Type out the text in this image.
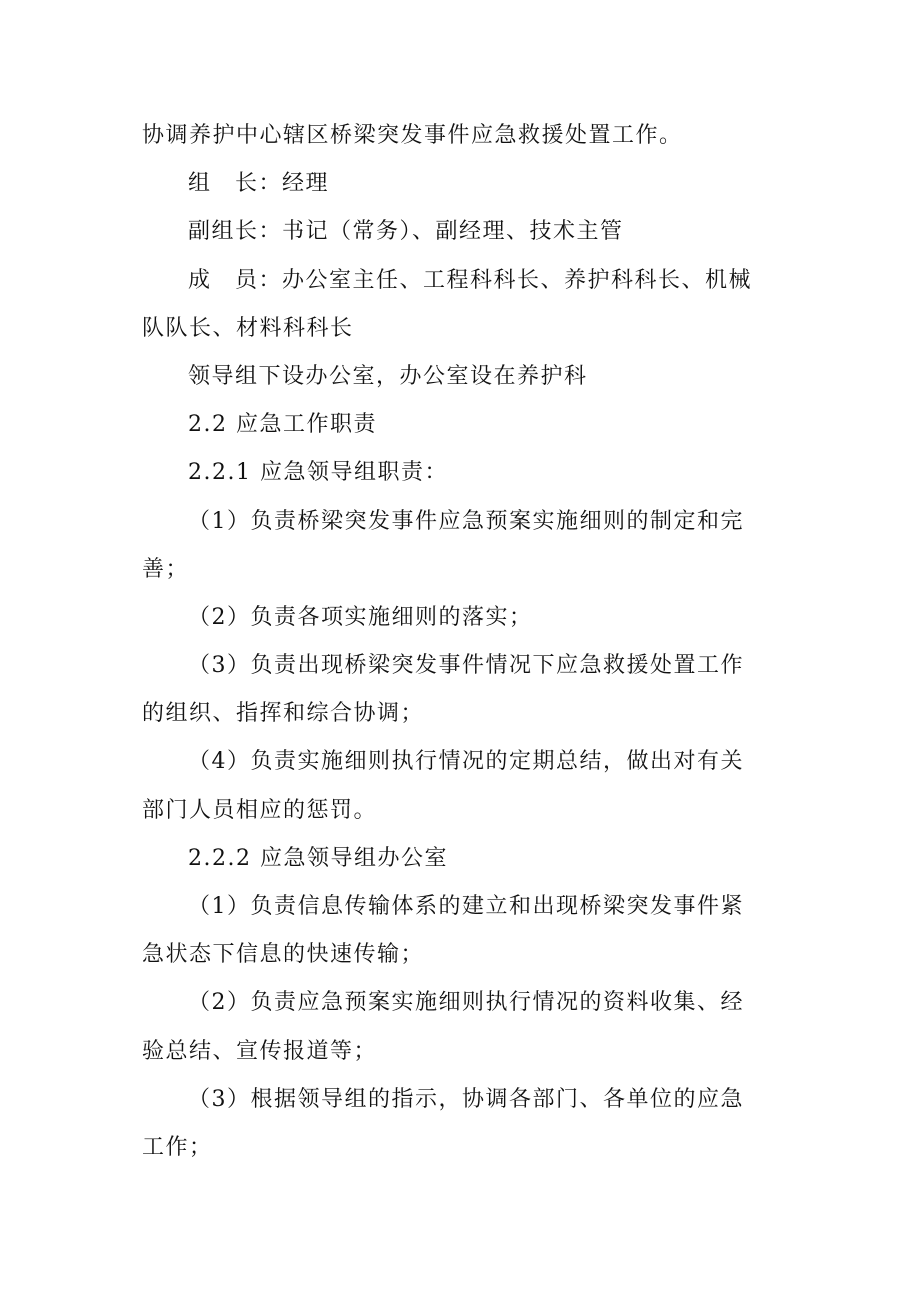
协调养护中心辖区桥梁突发事件应急救援处置工作。
组　长：经理
副组长：书记（常务）、副经理、技术主管
成　员：办公室主任、工程科科长、养护科科长、机械
队队长、材料科科长
领导组下设办公室，办公室设在养护科
2.2 应急工作职责
2.2.1 应急领导组职责：
（1）负责桥梁突发事件应急预案实施细则的制定和完
善；
（2）负责各项实施细则的落实；
（3）负责出现桥梁突发事件情况下应急救援处置工作
的组织、指挥和综合协调；
（4）负责实施细则执行情况的定期总结，做出对有关
部门人员相应的惩罚。
2.2.2 应急领导组办公室
（1）负责信息传输体系的建立和出现桥梁突发事件紧
急状态下信息的快速传输；
（2）负责应急预案实施细则执行情况的资料收集、经
验总结、宣传报道等；
（3）根据领导组的指示，协调各部门、各单位的应急
工作；
